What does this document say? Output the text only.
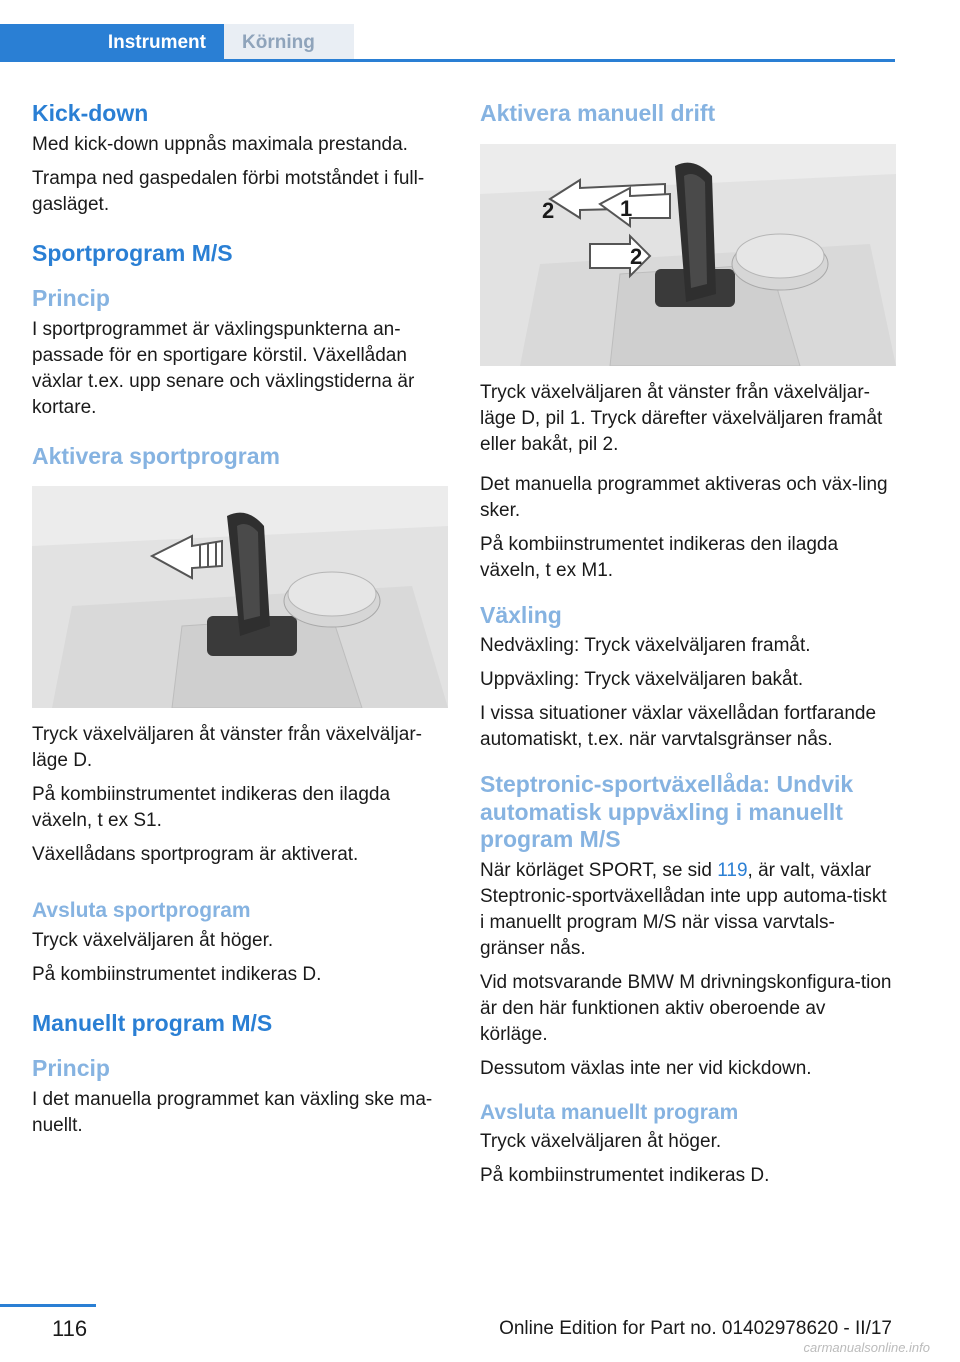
Instrument	Körning
Kick-down

Med kick-down uppnås maximala prestanda.

Trampa ned gaspedalen förbi motståndet i full‐gasläget.

Sportprogram M/S
Princip

I sportprogrammet är växlingspunkterna an‐passade för en sportigare körstil. Växellådan växlar t.ex. upp senare och växlingstiderna är kortare.

Aktivera sportprogram

Tryck växelväljaren åt vänster från växelväljar‐läge D.

På kombiinstrumentet indikeras den ilagda växeln, t ex S1.

Växellådans sportprogram är aktiverat.

Avsluta sportprogram

Tryck växelväljaren åt höger.

På kombiinstrumentet indikeras D.

Manuellt program M/S
Princip

I det manuella programmet kan växling ske ma‐nuellt.

Aktivera manuell drift
2	1
2

Tryck växelväljaren åt vänster från växelväljar‐läge D, pil 1. Tryck därefter växelväljaren framåt eller bakåt, pil 2.

Det manuella programmet aktiveras och väx‐ling sker.

På kombiinstrumentet indikeras den ilagda växeln, t ex M1.

Växling

Nedväxling: Tryck växelväljaren framåt.

Uppväxling: Tryck växelväljaren bakåt.

I vissa situationer växlar växellådan fortfarande automatiskt, t.ex. när varvtalsgränser nås.

Steptronic-sportväxellåda: Undvik automatisk uppväxling i manuellt program M/S

När körläget SPORT, se sid 119, är valt, växlar Steptronic-sportväxellådan inte upp automa‐tiskt i manuellt program M/S när vissa varvtals‐gränser nås.

Vid motsvarande BMW M drivningskonfigura‐tion är den här funktionen aktiv oberoende av körläge.

Dessutom växlas inte ner vid kickdown.

Avsluta manuellt program

Tryck växelväljaren åt höger.

På kombiinstrumentet indikeras D.

116	Online Edition for Part no. 01402978620 - II/17
carmanualsonline.info
